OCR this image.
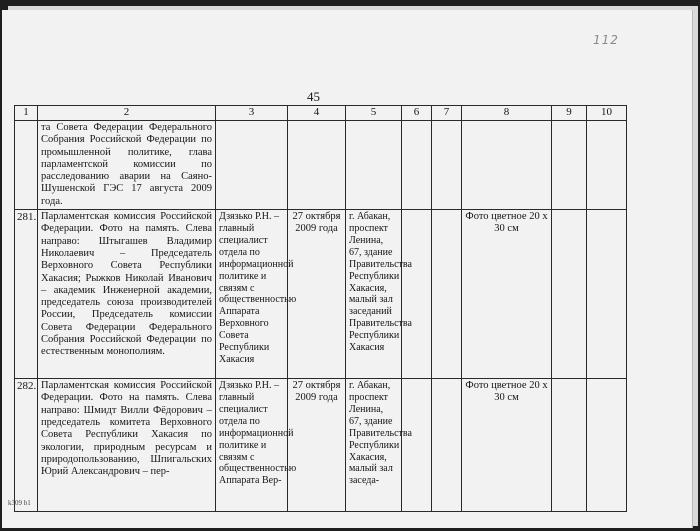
112
45
1	2	3	4	5	6	7	8	9	10
	та Совета Федерации Федерального Собрания Российской Федерации по промышленной политике, глава парламентской комиссии по расследованию аварии на Саяно-Шушенской ГЭС 17 августа 2009 года.								
281.	Парламентская комиссия Российской Федерации. Фото на память. Слева направо: Штыгашев Владимир Николаевич – Председатель Верховного Совета Республики Хакасия; Рыжков Николай Иванович – академик Инженерной академии, председатель союза производителей России, Председатель комиссии Совета Федерации Федерального Собрания Российской Федерации по естественным монополиям.	Дзязько Р.Н. – главный специалист отдела по информационной политике и связям с общественностью Аппарата Верховного Совета Республики Хакасия	27 октября 2009 года	г. Абакан, проспект Ленина, 67, здание Правительства Республики Хакасия, малый зал заседаний Правительства Республики Хакасия			Фото цветное 20 х 30 см		
282.	Парламентская комиссия Российской Федерации. Фото на память. Слева направо: Шмидт Вилли Фёдорович – председатель комитета Верховного Совета Республики Хакасия по экологии, природным ресурсам и природопользованию, Шпигальских Юрий Александрович – пер-	Дзязько Р.Н. – главный специалист отдела по информационной политике и связям с общественностью Аппарата Вер-	27 октября 2009 года	г. Абакан, проспект Ленина, 67, здание Правительства Республики Хакасия, малый зал заседа-			Фото цветное 20 х 30 см		
k309 b1
